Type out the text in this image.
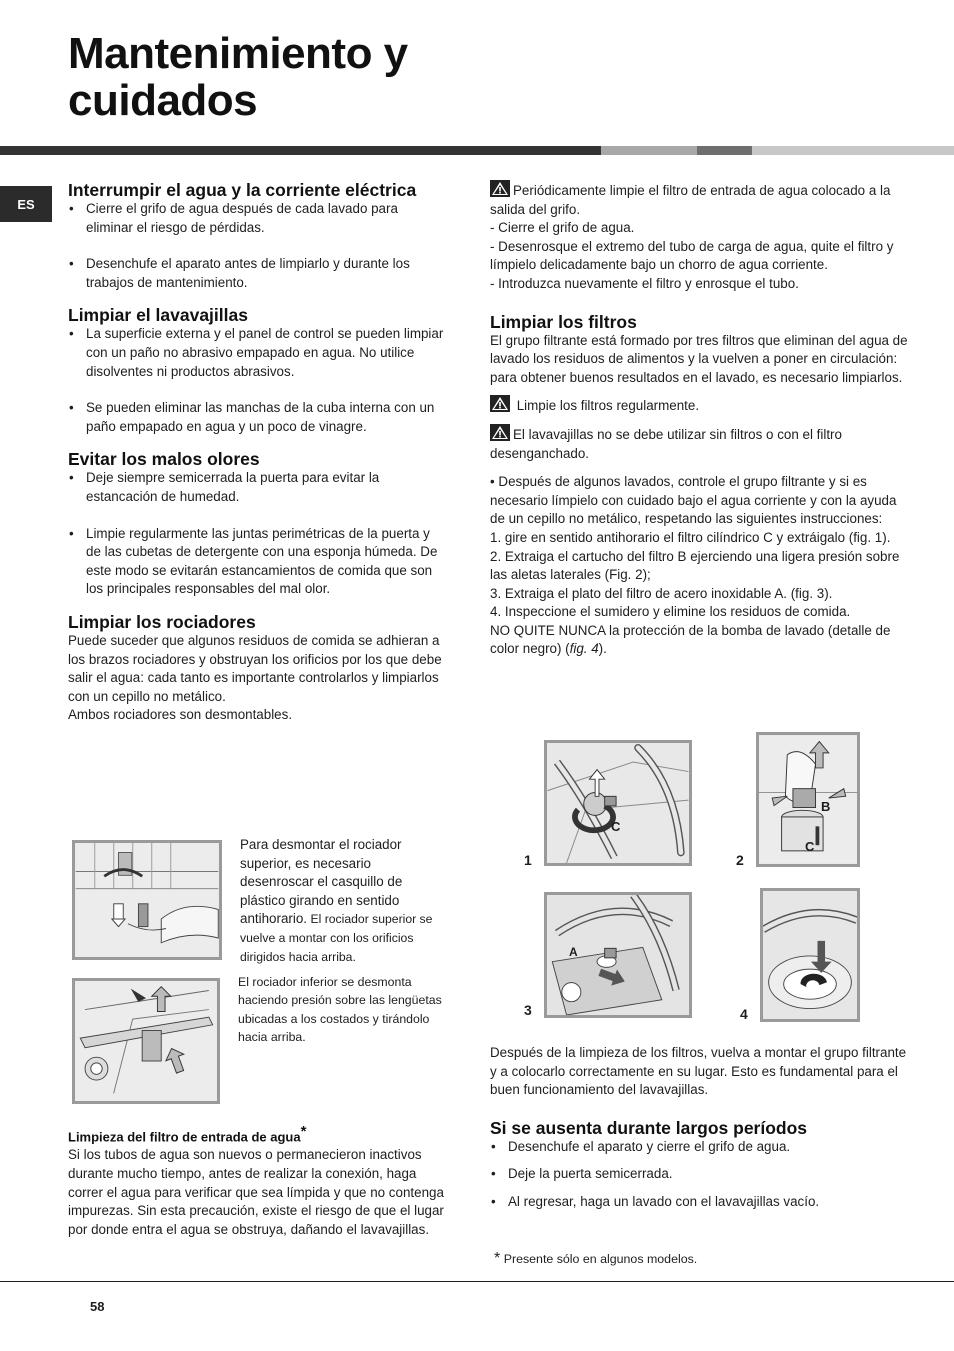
Mantenimiento y
cuidados
ES
Interrumpir el agua y la corriente eléctrica
• Cierre el grifo de agua después de cada lavado para eliminar el riesgo de pérdidas.
• Desenchufe el aparato antes de limpiarlo y durante los trabajos de mantenimiento.
Limpiar el lavavajillas
• La superficie externa y el panel de control se pueden limpiar con un paño no abrasivo empapado en agua. No utilice disolventes ni productos abrasivos.
• Se pueden eliminar las manchas de la cuba interna con un paño empapado en agua y un poco de vinagre.
Evitar los malos olores
• Deje siempre semicerrada la puerta para evitar la estancación de humedad.
• Limpie regularmente las juntas perimétricas de la puerta y de las cubetas de detergente con una esponja húmeda. De este modo se evitarán estancamientos de comida que son los principales responsables del mal olor.
Limpiar los rociadores

Puede suceder que algunos residuos de comida se adhieran a los brazos rociadores y obstruyan los orificios por los que debe salir el agua: cada tanto es importante controlarlos y limpiarlos con un cepillo no metálico.

Ambos rociadores son desmontables.

Para desmontar el rociador superior, es necesario desenroscar el casquillo de plástico girando en sentido antihorario. El rociador superior se vuelve a montar con los orificios dirigidos hacia arriba.
El rociador inferior se desmonta haciendo presión sobre las lengüetas ubicadas a los costados y tirándolo hacia arriba.
Limpieza del filtro de entrada de agua*

Si los tubos de agua son nuevos o permanecieron inactivos durante mucho tiempo, antes de realizar la conexión, haga correr el agua para verificar que sea límpida y que no contenga impurezas. Sin esta precaución, existe el riesgo de que el lugar por donde entra el agua se obstruya, dañando el lavavajillas.

Periódicamente limpie el filtro de entrada de agua colocado a la salida del grifo.

- Cierre el grifo de agua.

- Desenrosque el extremo del tubo de carga de agua, quite el filtro y límpielo delicadamente bajo un chorro de agua corriente.

- Introduzca nuevamente el filtro y enrosque el tubo.

Limpiar los filtros

El grupo filtrante está formado por tres filtros que eliminan del agua de lavado los residuos de alimentos y la vuelven a poner en circulación: para obtener buenos resultados en el lavado, es necesario limpiarlos.

Limpie los filtros regularmente.

El lavavajillas no se debe utilizar sin filtros o con el filtro desenganchado.

• Después de algunos lavados, controle el grupo filtrante y si es necesario límpielo con cuidado bajo el agua corriente y con la ayuda de un cepillo no metálico, respetando las siguientes instrucciones:

1. gire en sentido antihorario el filtro cilíndrico C y extráigalo (fig. 1).

2. Extraiga el cartucho del filtro B ejerciendo una ligera presión sobre las aletas laterales (Fig. 2);

3. Extraiga el plato del filtro de acero inoxidable A. (fig. 3).

4. Inspeccione el sumidero y elimine los residuos de comida.

NO QUITE NUNCA la protección de la bomba de lavado (detalle de color negro) (fig. 4).

C
1
B
C
2
A
3	4

Después de la limpieza de los filtros, vuelva a montar el grupo filtrante y a colocarlo correctamente en su lugar. Esto es fundamental para el buen funcionamiento del lavavajillas.

Si se ausenta durante largos períodos
• Desenchufe el aparato y cierre el grifo de agua.
• Deje la puerta semicerrada.
• Al regresar, haga un lavado con el lavavajillas vacío.
* Presente sólo en algunos modelos.
58
